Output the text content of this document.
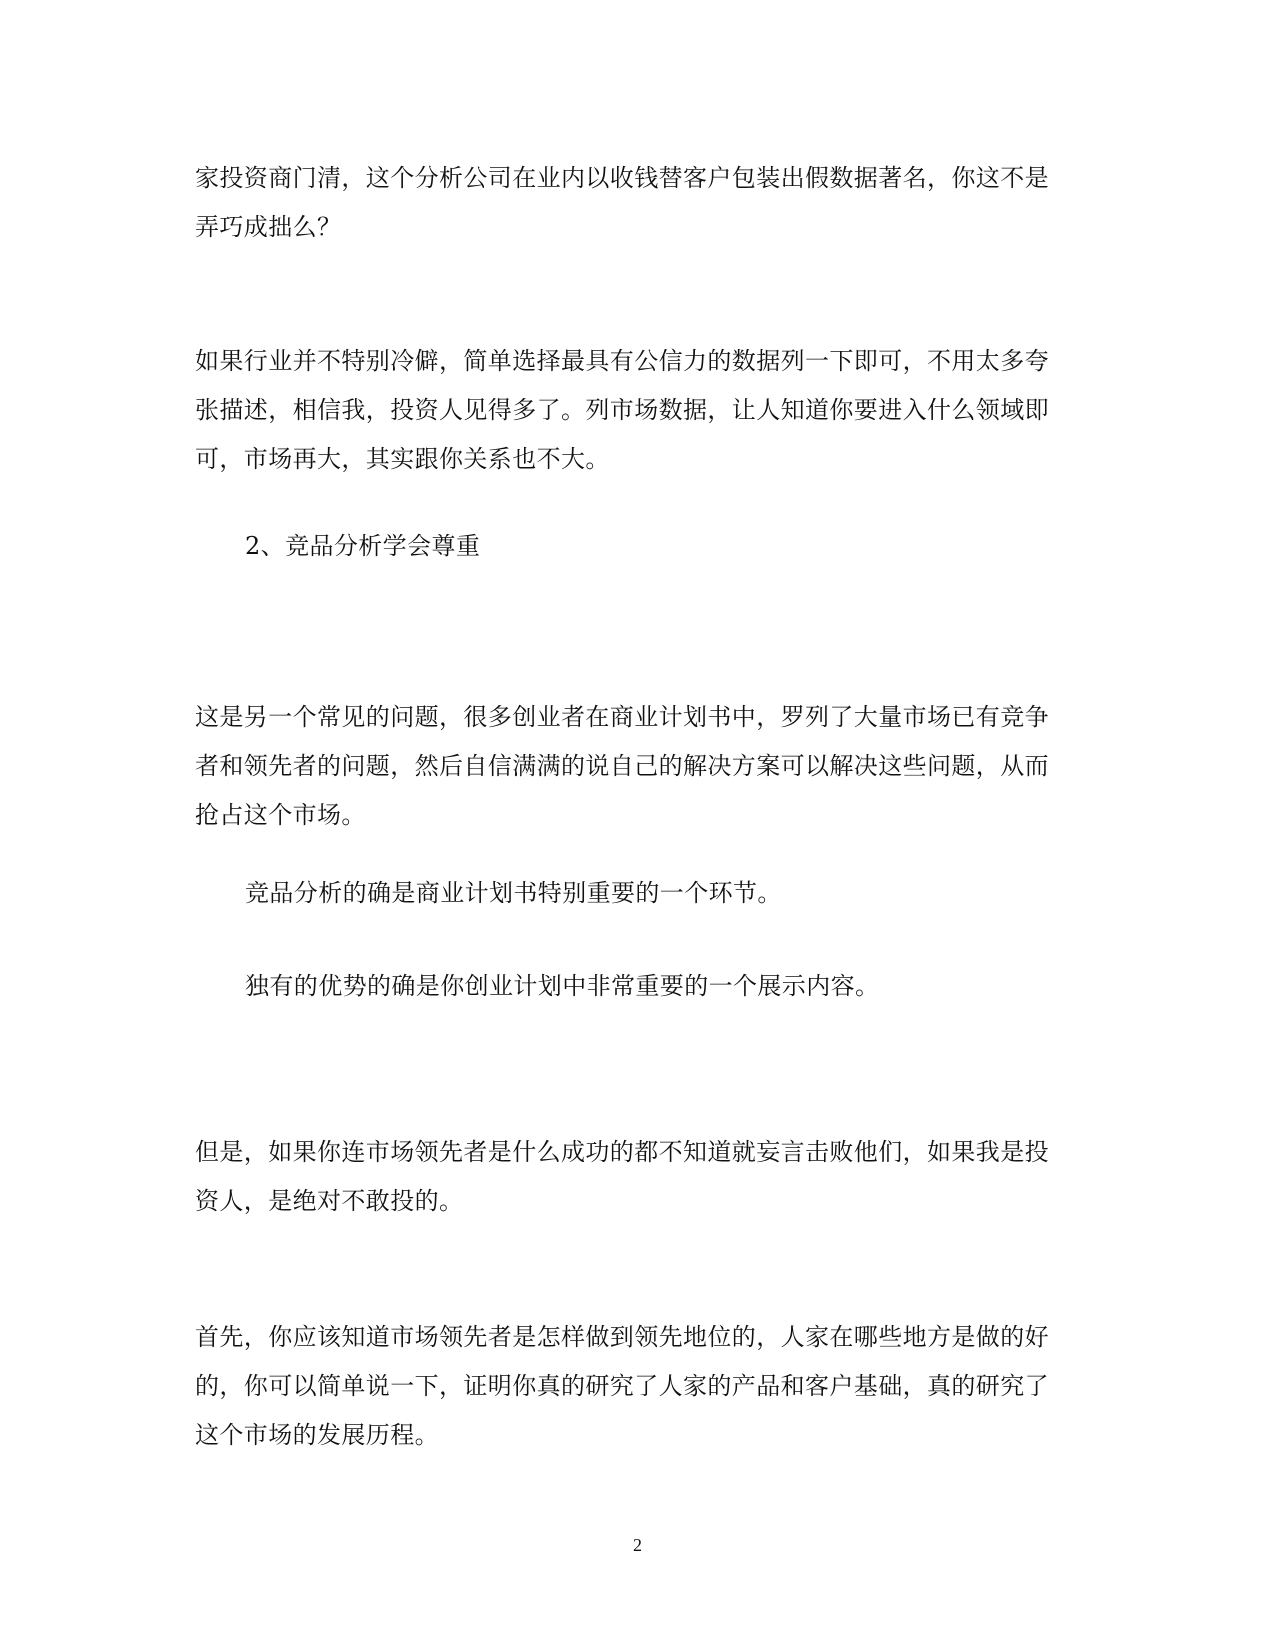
家投资商门清，这个分析公司在业内以收钱替客户包装出假数据著名，你这不是
弄巧成拙么？

如果行业并不特别冷僻，简单选择最具有公信力的数据列一下即可，不用太多夸
张描述，相信我，投资人见得多了。列市场数据，让人知道你要进入什么领域即
可，市场再大，其实跟你关系也不大。

2、竞品分析学会尊重

这是另一个常见的问题，很多创业者在商业计划书中，罗列了大量市场已有竞争
者和领先者的问题，然后自信满满的说自己的解决方案可以解决这些问题，从而
抢占这个市场。

竞品分析的确是商业计划书特别重要的一个环节。

独有的优势的确是你创业计划中非常重要的一个展示内容。

但是，如果你连市场领先者是什么成功的都不知道就妄言击败他们，如果我是投
资人，是绝对不敢投的。

首先，你应该知道市场领先者是怎样做到领先地位的，人家在哪些地方是做的好
的，你可以简单说一下，证明你真的研究了人家的产品和客户基础，真的研究了
这个市场的发展历程。

2
